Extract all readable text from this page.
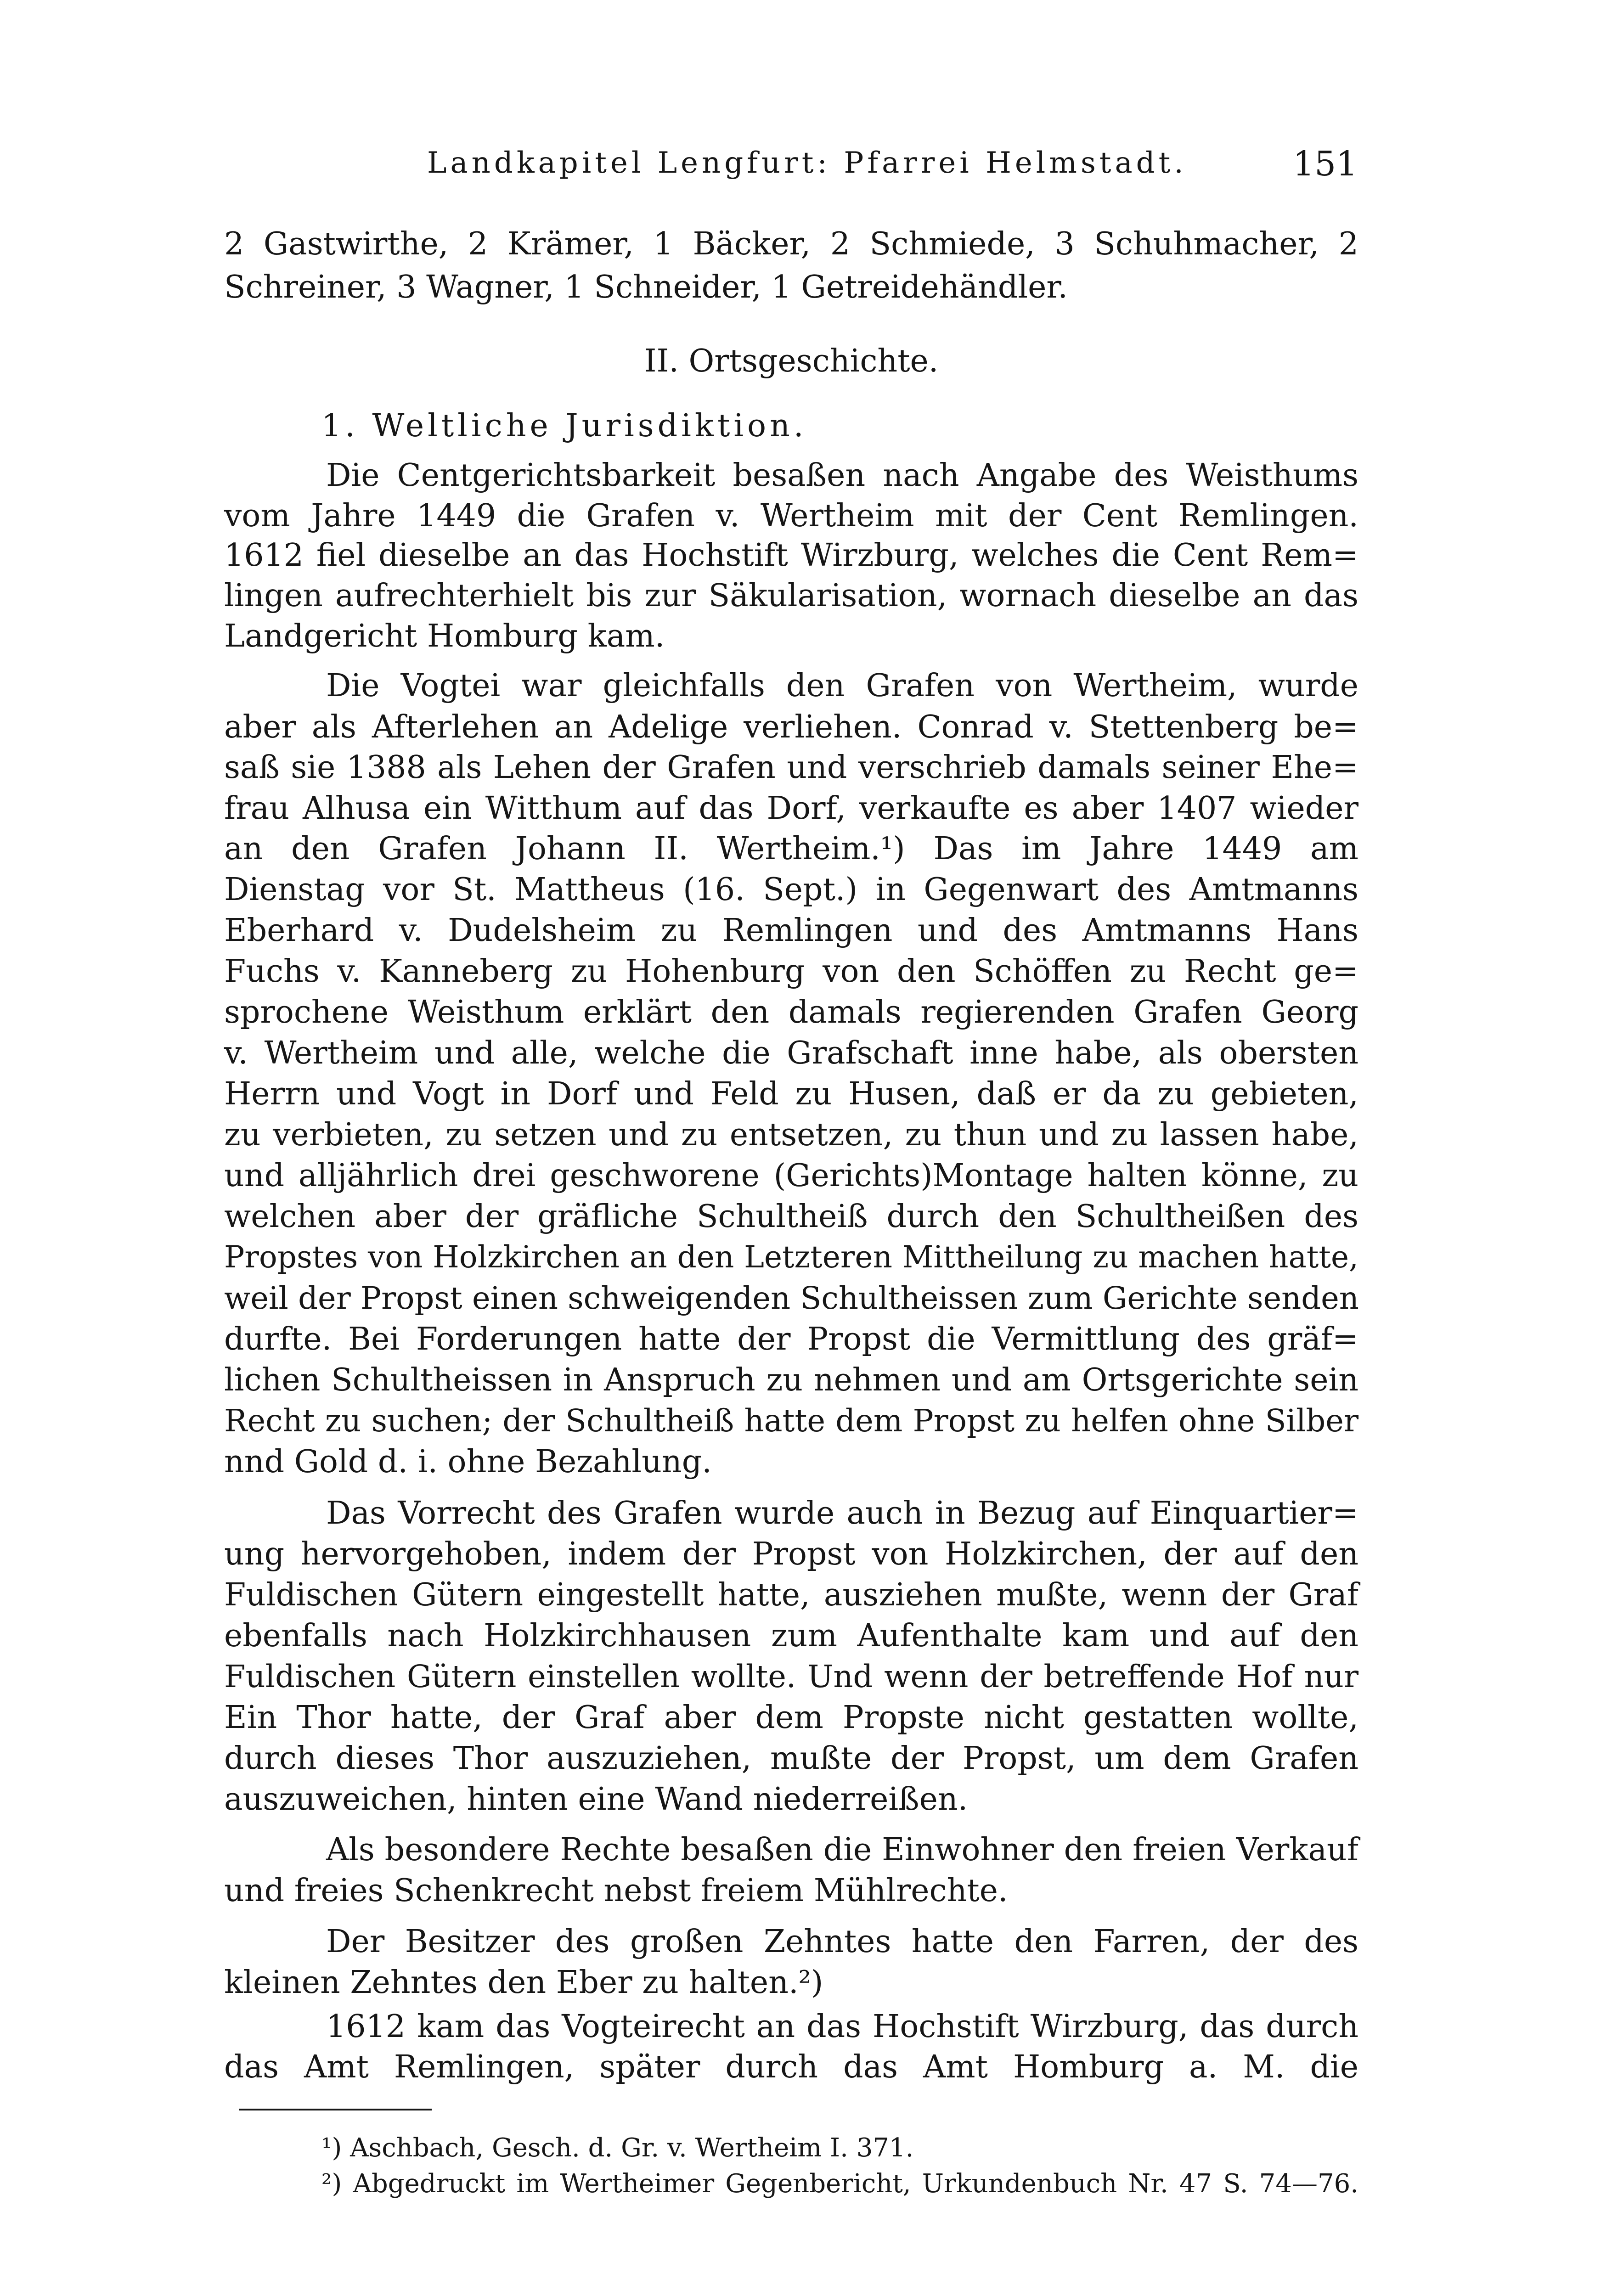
Landkapitel Lengfurt: Pfarrei Helmstadt.	151
2 Gastwirthe, 2 Krämer, 1 Bäcker, 2 Schmiede, 3 Schuhmacher, 2
Schreiner, 3 Wagner, 1 Schneider, 1 Getreidehändler.
II. Ortsgeschichte.
1. Weltliche Jurisdiktion.
Die Centgerichtsbarkeit besaßen nach Angabe des Weisthums
vom Jahre 1449 die Grafen v. Wertheim mit der Cent Remlingen.
1612 fiel dieselbe an das Hochstift Wirzburg, welches die Cent Rem=
lingen aufrechterhielt bis zur Säkularisation, wornach dieselbe an das
Landgericht Homburg kam.
Die Vogtei war gleichfalls den Grafen von Wertheim, wurde
aber als Afterlehen an Adelige verliehen. Conrad v. Stettenberg be=
saß sie 1388 als Lehen der Grafen und verschrieb damals seiner Ehe=
frau Alhusa ein Witthum auf das Dorf, verkaufte es aber 1407 wieder
an den Grafen Johann II. Wertheim.¹) Das im Jahre 1449 am
Dienstag vor St. Mattheus (16. Sept.) in Gegenwart des Amtmanns
Eberhard v. Dudelsheim zu Remlingen und des Amtmanns Hans
Fuchs v. Kanneberg zu Hohenburg von den Schöffen zu Recht ge=
sprochene Weisthum erklärt den damals regierenden Grafen Georg
v. Wertheim und alle, welche die Grafschaft inne habe, als obersten
Herrn und Vogt in Dorf und Feld zu Husen, daß er da zu gebieten,
zu verbieten, zu setzen und zu entsetzen, zu thun und zu lassen habe,
und alljährlich drei geschworene (Gerichts)Montage halten könne, zu
welchen aber der gräfliche Schultheiß durch den Schultheißen des
Propstes von Holzkirchen an den Letzteren Mittheilung zu machen hatte,
weil der Propst einen schweigenden Schultheissen zum Gerichte senden
durfte. Bei Forderungen hatte der Propst die Vermittlung des gräf=
lichen Schultheissen in Anspruch zu nehmen und am Ortsgerichte sein
Recht zu suchen; der Schultheiß hatte dem Propst zu helfen ohne Silber
nnd Gold d. i. ohne Bezahlung.
Das Vorrecht des Grafen wurde auch in Bezug auf Einquartier=
ung hervorgehoben, indem der Propst von Holzkirchen, der auf den
Fuldischen Gütern eingestellt hatte, ausziehen mußte, wenn der Graf
ebenfalls nach Holzkirchhausen zum Aufenthalte kam und auf den
Fuldischen Gütern einstellen wollte. Und wenn der betreffende Hof nur
Ein Thor hatte, der Graf aber dem Propste nicht gestatten wollte,
durch dieses Thor auszuziehen, mußte der Propst, um dem Grafen
auszuweichen, hinten eine Wand niederreißen.
Als besondere Rechte besaßen die Einwohner den freien Verkauf
und freies Schenkrecht nebst freiem Mühlrechte.
Der Besitzer des großen Zehntes hatte den Farren, der des
kleinen Zehntes den Eber zu halten.²)
1612 kam das Vogteirecht an das Hochstift Wirzburg, das durch
das Amt Remlingen, später durch das Amt Homburg a. M. die
¹) Aschbach, Gesch. d. Gr. v. Wertheim I. 371.
²) Abgedruckt im Wertheimer Gegenbericht, Urkundenbuch Nr. 47 S. 74—76.
